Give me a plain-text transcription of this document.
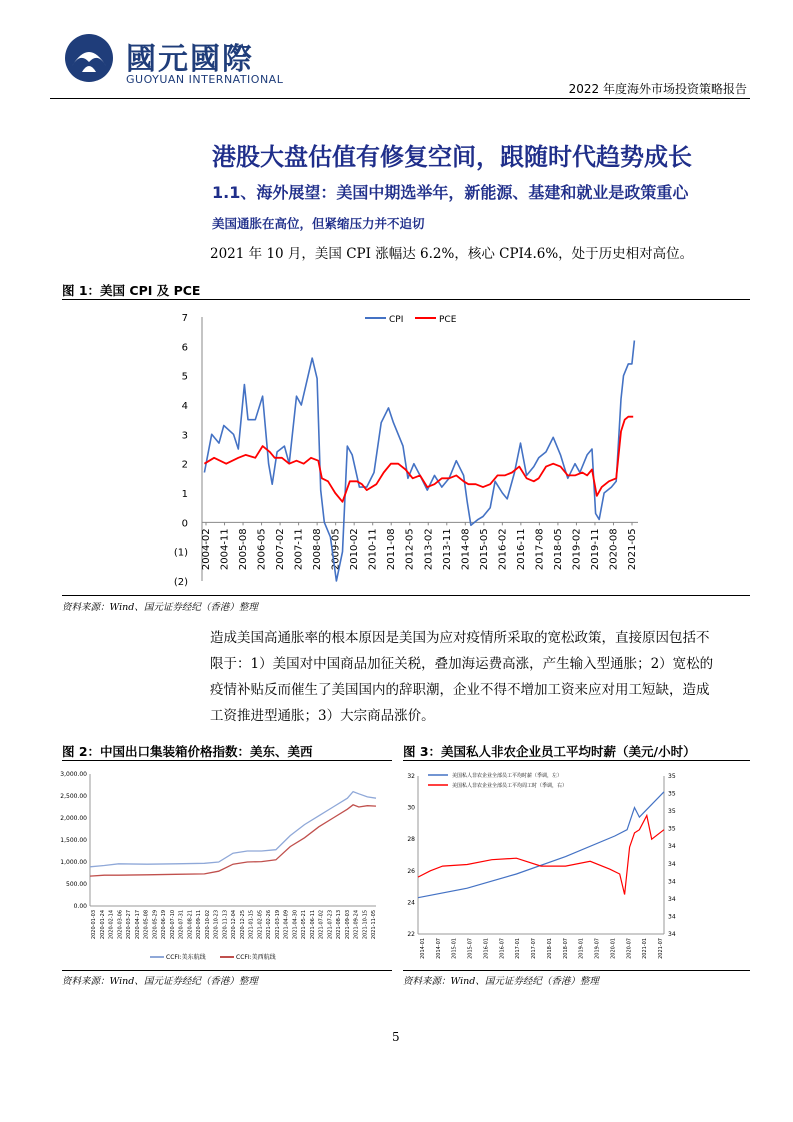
國元國際
GUOYUAN INTERNATIONAL
2022 年度海外市场投资策略报告
港股大盘估值有修复空间，跟随时代趋势成长
1.1、海外展望：美国中期选举年，新能源、基建和就业是政策重心
美国通胀在高位，但紧缩压力并不迫切
2021 年 10 月，美国 CPI 涨幅达 6.2%，核心 CPI4.6%，处于历史相对高位。
图 1：美国 CPI 及 PCE
7
6
5
4
3
2
1
0
(1)
(2)
2004-02 2004-11 2005-08 2006-05 2007-02 2007-11 2008-08 2009-05 2010-02 2010-11 2011-08 2012-05 2013-02 2013-11 2014-08 2015-05 2016-02 2016-11 2017-08 2018-05 2019-02 2019-11 2020-08 2021-05
CPI	PCE
资料来源：Wind、国元证券经纪（香港）整理
造成美国高通胀率的根本原因是美国为应对疫情所采取的宽松政策，直接原因包括不
限于：1）美国对中国商品加征关税，叠加海运费高涨，产生输入型通胀；2）宽松的
疫情补贴反而催生了美国国内的辞职潮，企业不得不增加工资来应对用工短缺，造成
工资推进型通胀；3）大宗商品涨价。
图 2：中国出口集装箱价格指数：美东、美西
3,000.00
2,500.00
2,000.00
1,500.00
1,000.00
500.00
0.00
2020-01-03 2020-01-24 2020-02-14 2020-03-06 2020-03-27 2020-04-17 2020-05-08 2020-05-29 2020-06-19 2020-07-10 2020-07-31 2020-08-21 2020-09-11 2020-10-02 2020-10-23 2020-11-13 2020-12-04 2020-12-25 2021-01-15 2021-02-05 2021-02-26 2021-03-19 2021-04-09 2021-04-30 2021-05-21 2021-06-11 2021-07-02 2021-07-23 2021-08-13 2021-09-03 2021-09-24 2021-10-15 2021-11-05
CCFI:美东航线	CCFI:美西航线
资料来源：Wind、国元证券经纪（香港）整理
图 3：美国私人非农企业员工平均时薪（美元/小时）
32
30
28
26
24
22
35
35
35
35
34
34
34
34
34
34
2014-01 2014-07 2015-01 2015-07 2016-01 2016-07 2017-01 2017-07 2018-01 2018-07 2019-01 2019-07 2020-01 2020-07 2021-01 2021-07
美国私人非农企业全部员工平均时薪（季调，左）
美国私人非农企业全部员工平均周工时（季调，右）
资料来源：Wind、国元证券经纪（香港）整理
5
